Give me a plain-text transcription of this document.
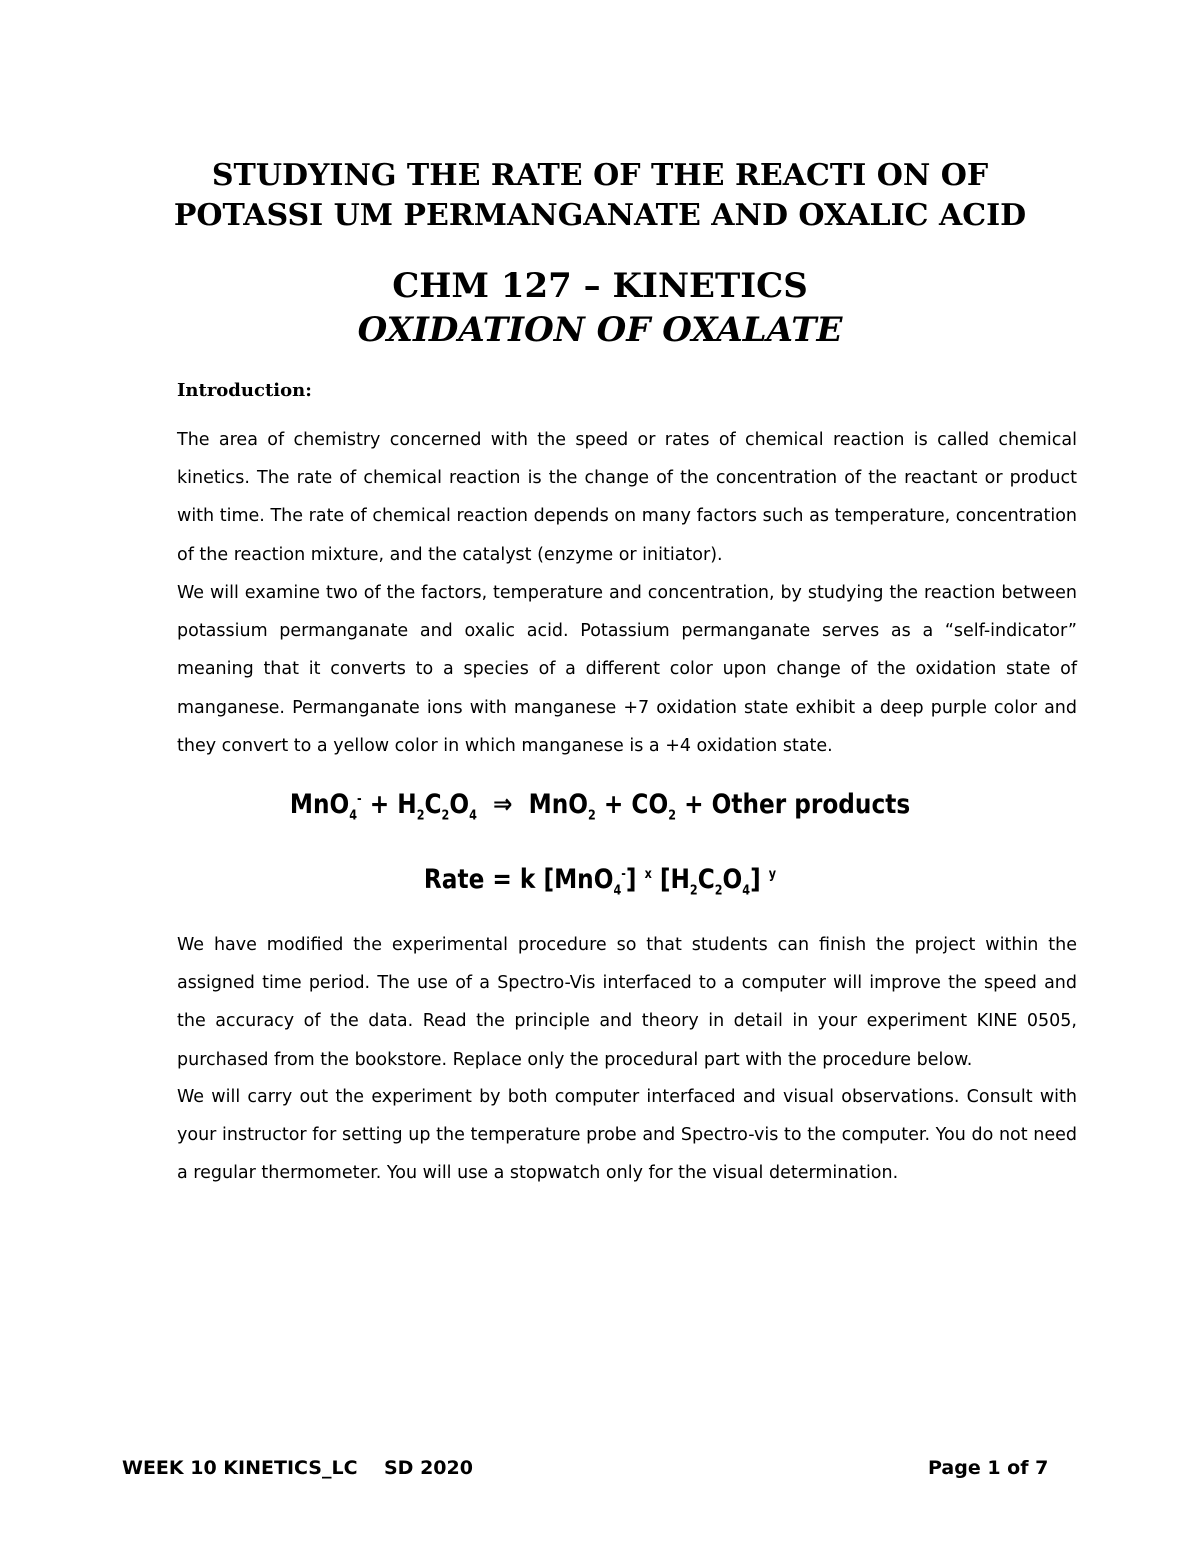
STUDYING THE RATE OF THE REACTI ON OF
POTASSI UM PERMANGANATE AND OXALIC ACID
CHM 127 – KINETICS
OXIDATION OF OXALATE
Introduction:

The area of chemistry concerned with the speed or rates of chemical reaction is called chemical kinetics. The rate of chemical reaction is the change of the concentration of the reactant or product with time. The rate of chemical reaction depends on many factors such as temperature, concentration of the reaction mixture, and the catalyst (enzyme or initiator).

We will examine two of the factors, temperature and concentration, by studying the reaction between potassium permanganate and oxalic acid. Potassium permanganate serves as a “self-indicator” meaning that it converts to a species of a different color upon change of the oxidation state of manganese. Permanganate ions with manganese +7 oxidation state exhibit a deep purple color and they convert to a yellow color in which manganese is a +4 oxidation state.

$MnO_4^- + H_2C_2O_4$  ⇒  $MnO_2 + CO_2$ + Other products
Rate = k [MnO$_4$-] $^x$ $[H_2C_2O_4]$ $^y$

We have modified the experimental procedure so that students can finish the project within the assigned time period. The use of a Spectro-Vis interfaced to a computer will improve the speed and the accuracy of the data. Read the principle and theory in detail in your experiment KINE 0505, purchased from the bookstore. Replace only the procedural part with the procedure below.

We will carry out the experiment by both computer interfaced and visual observations. Consult with your instructor for setting up the temperature probe and Spectro-vis to the computer. You do not need a regular thermometer. You will use a stopwatch only for the visual determination.

WEEK 10 KINETICS_LC    SD 2020	Page 1 of 7
